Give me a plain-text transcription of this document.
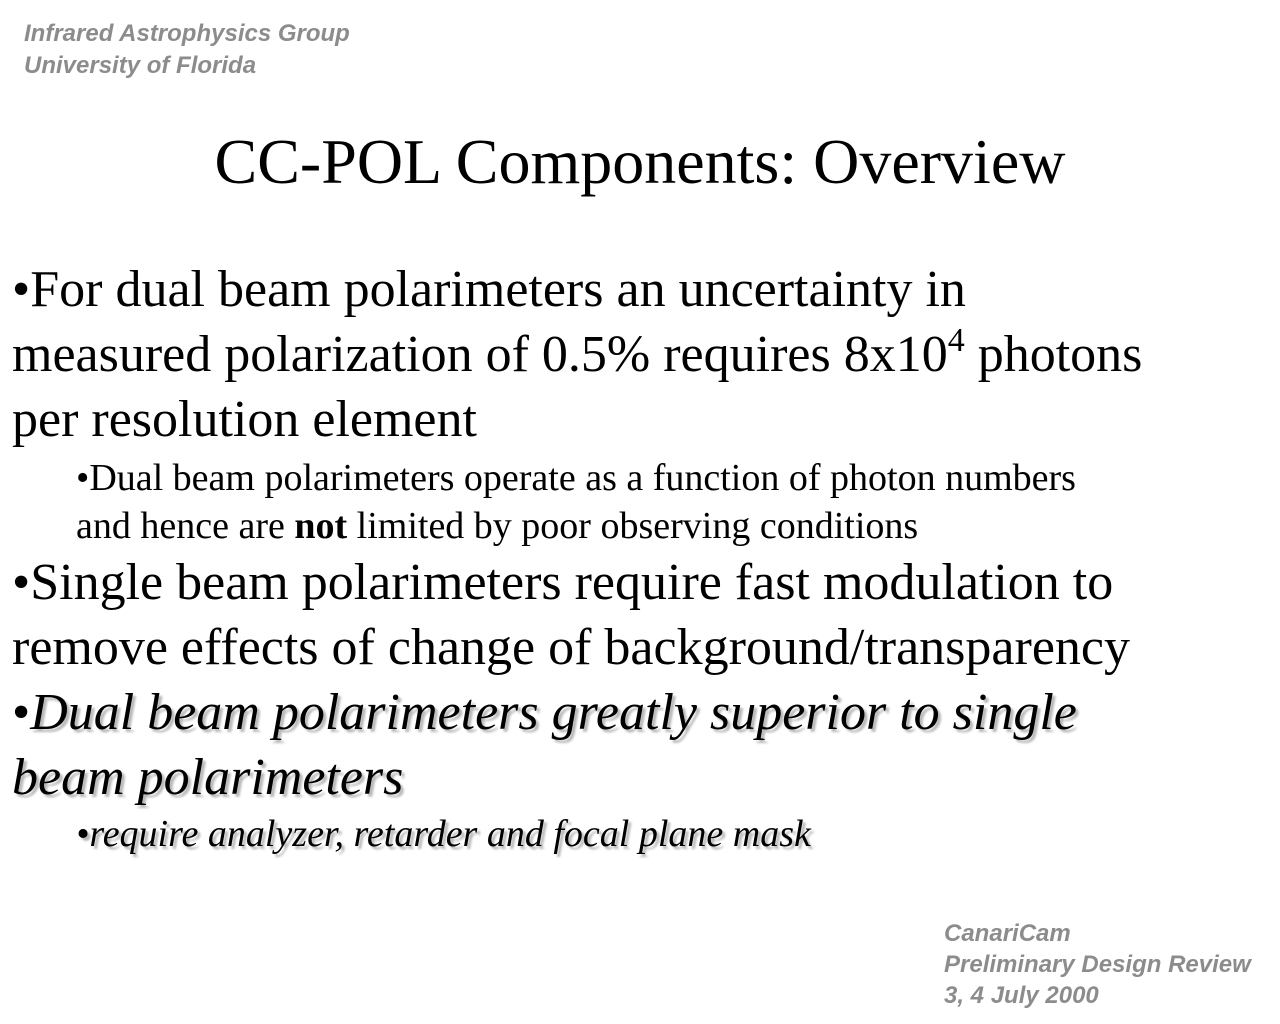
Infrared Astrophysics Group
University of Florida
CC-POL Components: Overview
•For dual beam polarimeters an uncertainty in
measured polarization of 0.5% requires $8x10^4$ photons
per resolution element
•Dual beam polarimeters operate as a function of photon numbers
and hence are not limited by poor observing conditions
•Single beam polarimeters require fast modulation to
remove effects of change of background/transparency
•Dual beam polarimeters greatly superior to single
beam polarimeters
•require analyzer, retarder and focal plane mask
CanariCam
Preliminary Design Review
3, 4 July 2000
